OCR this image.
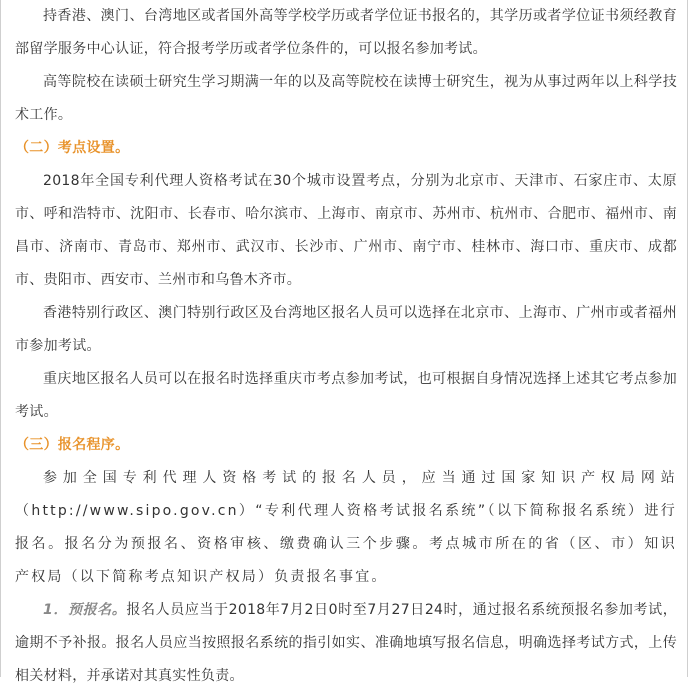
持香港、澳门、台湾地区或者国外高等学校学历或者学位证书报名的，其学历或者学位证书须经教育部留学服务中心认证，符合报考学历或者学位条件的，可以报名参加考试。

高等院校在读硕士研究生学习期满一年的以及高等院校在读博士研究生，视为从事过两年以上科学技术工作。

（二）考点设置。

2018年全国专利代理人资格考试在30个城市设置考点，分别为北京市、天津市、石家庄市、太原市、呼和浩特市、沈阳市、长春市、哈尔滨市、上海市、南京市、苏州市、杭州市、合肥市、福州市、南昌市、济南市、青岛市、郑州市、武汉市、长沙市、广州市、南宁市、桂林市、海口市、重庆市、成都市、贵阳市、西安市、兰州市和乌鲁木齐市。

香港特别行政区、澳门特别行政区及台湾地区报名人员可以选择在北京市、上海市、广州市或者福州市参加考试。

重庆地区报名人员可以在报名时选择重庆市考点参加考试，也可根据自身情况选择上述其它考点参加考试。

（三）报名程序。

参加全国专利代理人资格考试的报名人员，应当通过国家知识产权局网站（http://www.sipo.gov.cn）“专利代理人资格考试报名系统”（以下简称报名系统）进行报名。报名分为预报名、资格审核、缴费确认三个步骤。考点城市所在的省（区、市）知识产权局（以下简称考点知识产权局）负责报名事宜。

1．预报名。报名人员应当于2018年7月2日0时至7月27日24时，通过报名系统预报名参加考试，逾期不予补报。报名人员应当按照报名系统的指引如实、准确地填写报名信息，明确选择考试方式，上传相关材料，并承诺对其真实性负责。
